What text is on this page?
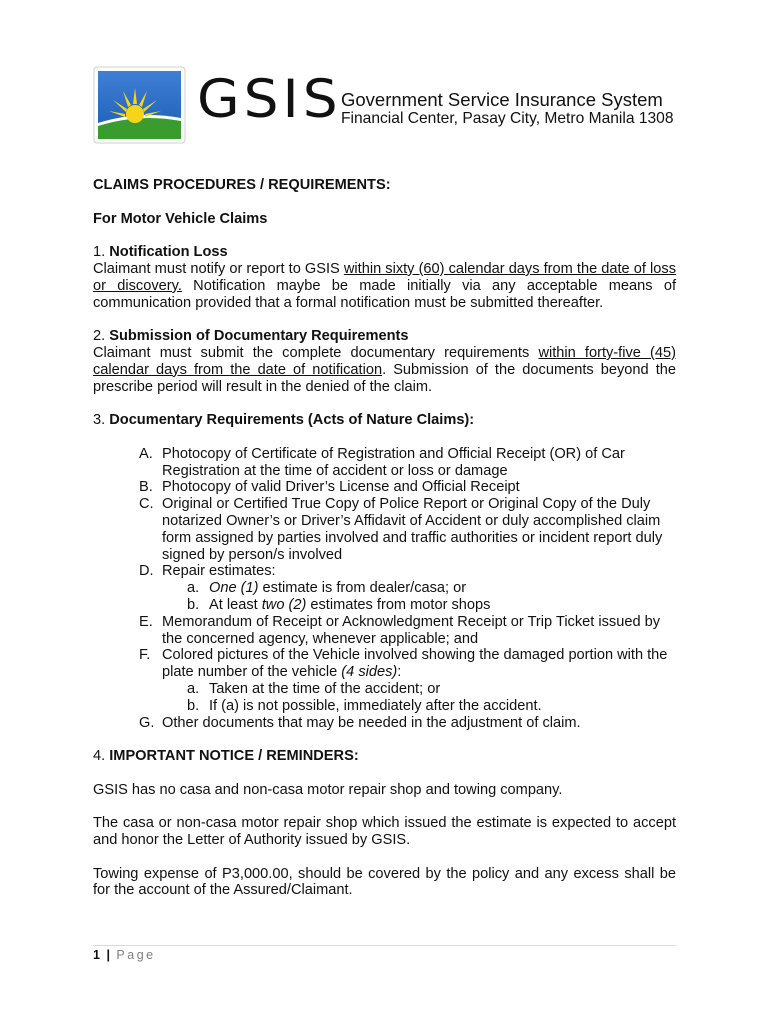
GSIS Government Service Insurance System
Financial Center, Pasay City, Metro Manila 1308

CLAIMS PROCEDURES / REQUIREMENTS:

For Motor Vehicle Claims

1. Notification Loss

Claimant must notify or report to GSIS within sixty (60) calendar days from the date of loss or discovery. Notification maybe be made initially via any acceptable means of communication provided that a formal notification must be submitted thereafter.

2. Submission of Documentary Requirements

Claimant must submit the complete documentary requirements within forty-five (45) calendar days from the date of notification. Submission of the documents beyond the prescribe period will result in the denied of the claim.

3. Documentary Requirements (Acts of Nature Claims):

A. Photocopy of Certificate of Registration and Official Receipt (OR) of Car Registration at the time of accident or loss or damage
B. Photocopy of valid Driver’s License and Official Receipt
C. Original or Certified True Copy of Police Report or Original Copy of the Duly notarized Owner’s or Driver’s Affidavit of Accident or duly accomplished claim form assigned by parties involved and traffic authorities or incident report duly signed by person/s involved
D. Repair estimates:
a. One (1) estimate is from dealer/casa; or
b. At least two (2) estimates from motor shops
E. Memorandum of Receipt or Acknowledgment Receipt or Trip Ticket issued by the concerned agency, whenever applicable; and
F. Colored pictures of the Vehicle involved showing the damaged portion with the plate number of the vehicle (4 sides):
a. Taken at the time of the accident; or
b. If (a) is not possible, immediately after the accident.
G. Other documents that may be needed in the adjustment of claim.

4. IMPORTANT NOTICE / REMINDERS:

GSIS has no casa and non-casa motor repair shop and towing company.

The casa or non-casa motor repair shop which issued the estimate is expected to accept and honor the Letter of Authority issued by GSIS.

Towing expense of P3,000.00, should be covered by the policy and any excess shall be for the account of the Assured/Claimant.

1 | Page
